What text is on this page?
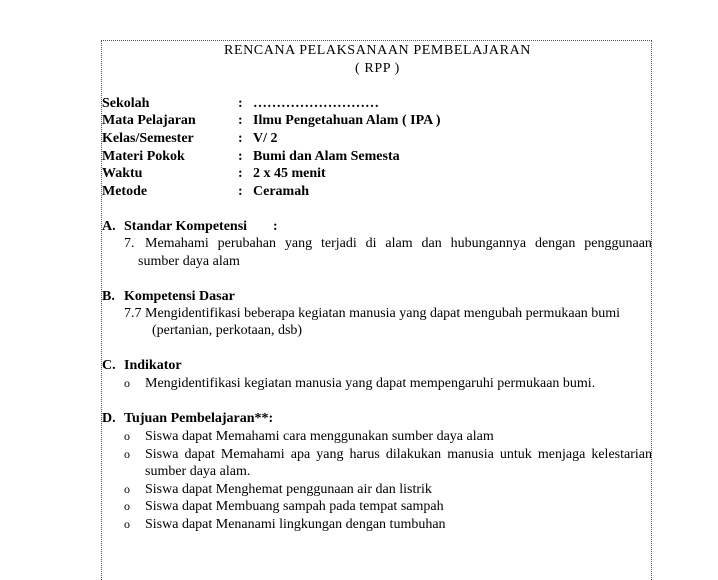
RENCANA PELAKSANAAN PEMBELAJARAN
( RPP )
Sekolah	: ………………………
Mata Pelajaran	: Ilmu Pengetahuan Alam ( IPA )
Kelas/Semester	: V/ 2
Materi Pokok	: Bumi dan Alam Semesta
Waktu	: 2 x 45 menit
Metode	: Ceramah
A. Standar Kompetensi :
7. Memahami perubahan yang terjadi di alam dan hubungannya dengan penggunaan
sumber daya alam
B. Kompetensi Dasar
7.7 Mengidentifikasi beberapa kegiatan manusia yang dapat mengubah permukaan bumi
(pertanian, perkotaan, dsb)
C. Indikator
o Mengidentifikasi kegiatan manusia yang dapat mempengaruhi permukaan bumi.
D. Tujuan Pembelajaran**:
o Siswa dapat Memahami cara menggunakan sumber daya alam
o Siswa dapat Memahami apa yang harus dilakukan manusia untuk menjaga kelestarian
sumber daya alam.
o Siswa dapat Menghemat penggunaan air dan listrik
o Siswa dapat Membuang sampah pada tempat sampah
o Siswa dapat Menanami lingkungan dengan tumbuhan
